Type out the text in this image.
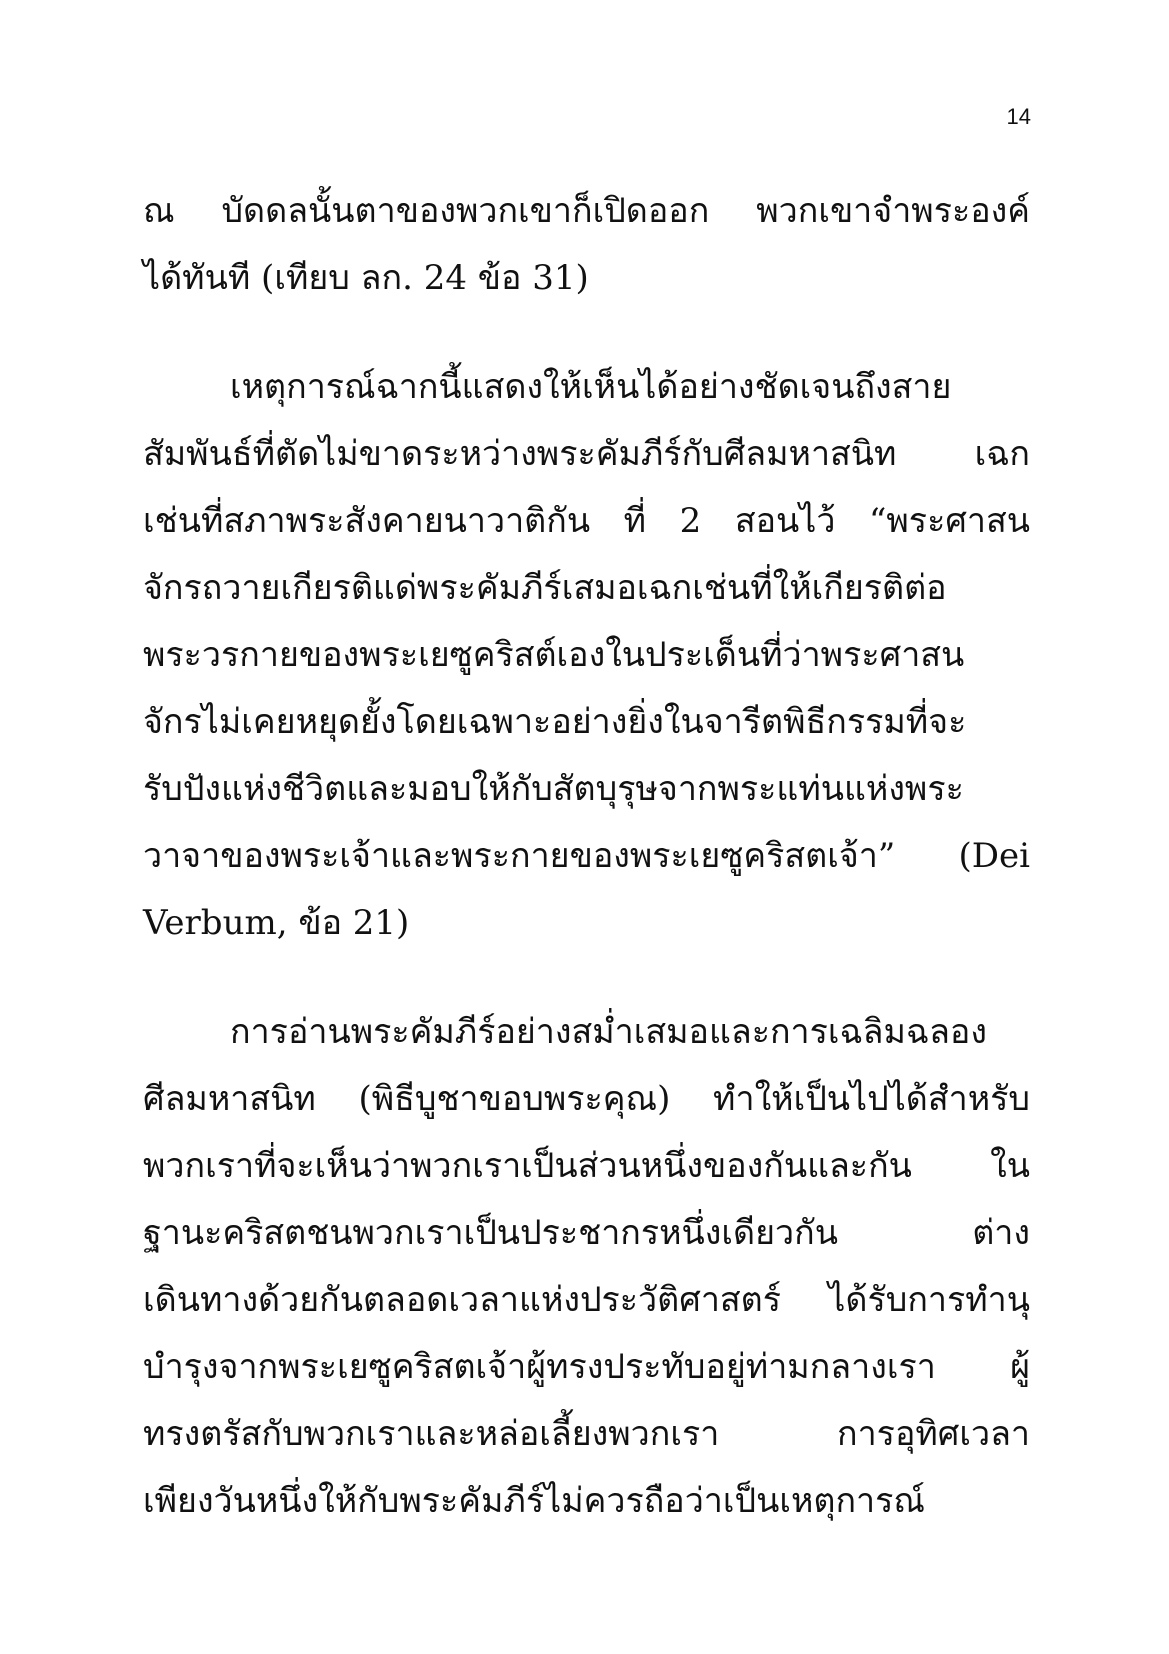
14
ณ บัดดลนั้นตาของพวกเขาก็เปิดออก พวกเขาจำพระองค์
ได้ทันที (เทียบ ลก. 24 ข้อ 31)
เหตุการณ์ฉากนี้แสดงให้เห็นได้อย่างชัดเจนถึงสาย
สัมพันธ์ที่ตัดไม่ขาดระหว่างพระคัมภีร์กับศีลมหาสนิท เฉก
เช่นที่สภาพระสังคายนาวาติกัน ที่ 2 สอนไว้ “พระศาสน
จักรถวายเกียรติแด่พระคัมภีร์เสมอเฉกเช่นที่ให้เกียรติต่อ
พระวรกายของพระเยซูคริสต์เองในประเด็นที่ว่าพระศาสน
จักรไม่เคยหยุดยั้งโดยเฉพาะอย่างยิ่งในจารีตพิธีกรรมที่จะ
รับปังแห่งชีวิตและมอบให้กับสัตบุรุษจากพระแท่นแห่งพระ
วาจาของพระเจ้าและพระกายของพระเยซูคริสตเจ้า” (Dei
Verbum, ข้อ 21)
การอ่านพระคัมภีร์อย่างสม่ำเสมอและการเฉลิมฉลอง
ศีลมหาสนิท (พิธีบูชาขอบพระคุณ) ทำให้เป็นไปได้สำหรับ
พวกเราที่จะเห็นว่าพวกเราเป็นส่วนหนึ่งของกันและกัน ใน
ฐานะคริสตชนพวกเราเป็นประชากรหนึ่งเดียวกัน ต่าง
เดินทางด้วยกันตลอดเวลาแห่งประวัติศาสตร์ ได้รับการทำนุ
บำรุงจากพระเยซูคริสตเจ้าผู้ทรงประทับอยู่ท่ามกลางเรา ผู้
ทรงตรัสกับพวกเราและหล่อเลี้ยงพวกเรา การอุทิศเวลา
เพียงวันหนึ่งให้กับพระคัมภีร์ไม่ควรถือว่าเป็นเหตุการณ์
